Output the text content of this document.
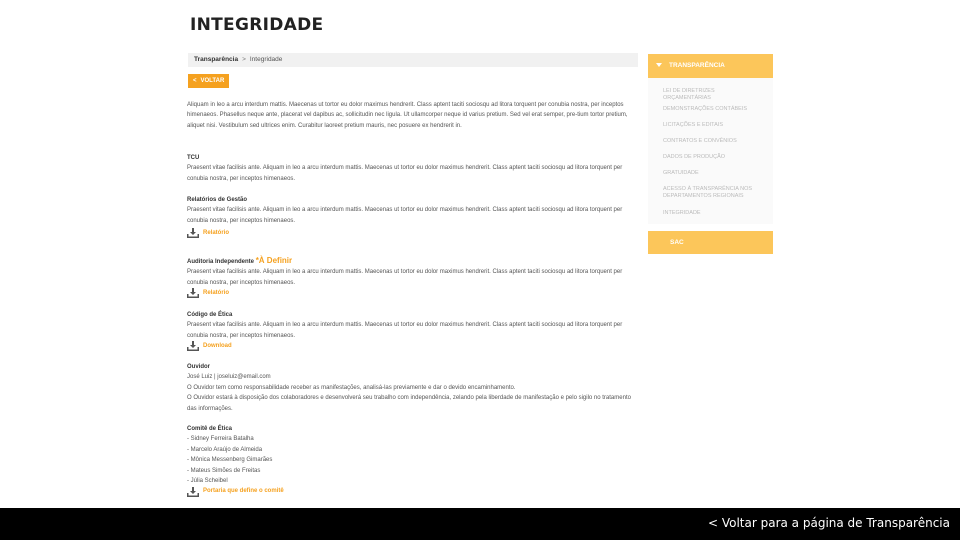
INTEGRIDADE
Transparência > Integridade
< VOLTAR

Aliquam in leo a arcu interdum mattis. Maecenas ut tortor eu dolor maximus hendrerit. Class aptent taciti sociosqu ad litora torquent per conubia nostra, per inceptos himenaeos. Phasellus neque ante, placerat vel dapibus ac, sollicitudin nec ligula. Ut ullamcorper neque id varius pretium. Sed vel erat semper, pre-tium tortor pretium, aliquet nisi. Vestibulum sed ultrices enim. Curabitur laoreet pretium mauris, nec posuere ex hendrerit in.

TCU
Praesent vitae facilisis ante. Aliquam in leo a arcu interdum mattis. Maecenas ut tortor eu dolor maximus hendrerit. Class aptent taciti sociosqu ad litora torquent per conubia nostra, per inceptos himenaeos.
Relatórios de Gestão
Praesent vitae facilisis ante. Aliquam in leo a arcu interdum mattis. Maecenas ut tortor eu dolor maximus hendrerit. Class aptent taciti sociosqu ad litora torquent per conubia nostra, per inceptos himenaeos.
Relatório
Auditoria Independente *À Definir
Praesent vitae facilisis ante. Aliquam in leo a arcu interdum mattis. Maecenas ut tortor eu dolor maximus hendrerit. Class aptent taciti sociosqu ad litora torquent per conubia nostra, per inceptos himenaeos.
Relatório
Código de Ética
Praesent vitae facilisis ante. Aliquam in leo a arcu interdum mattis. Maecenas ut tortor eu dolor maximus hendrerit. Class aptent taciti sociosqu ad litora torquent per conubia nostra, per inceptos himenaeos.
Download
Ouvidor
José Luiz | joseluiz@email.com
O Ouvidor tem como responsabilidade receber as manifestações, analisá-las previamente e dar o devido encaminhamento.
O Ouvidor estará à disposição dos colaboradores e desenvolverá seu trabalho com independência, zelando pela liberdade de manifestação e pelo sigilo no tratamento das informações.
Comitê de Ética
- Sidney Ferreira Batalha
- Marcelo Araújo de Almeida
- Mônica Messenberg Gimarães
- Mateus Simões de Freitas
- Júlia Scheibel
Portaria que define o comitê
TRANSPARÊNCIA
LEI DE DIRETRIZES ORÇAMENTÁRIAS
DEMONSTRAÇÕES CONTÁBEIS
LICITAÇÕES E EDITAIS
CONTRATOS E CONVÊNIOS
DADOS DE PRODUÇÃO
GRATUIDADE
ACESSO À TRANSPARÊNCIA NOS DEPARTAMENTOS REGIONAIS
INTEGRIDADE
SAC
< Voltar para a página de Transparência
